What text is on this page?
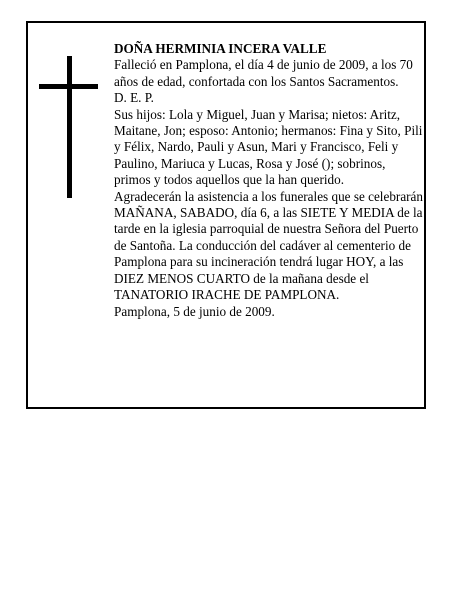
DOÑA HERMINIA INCERA VALLE

Falleció en Pamplona, el día 4 de junio de 2009, a los 70 años de edad, confortada con los Santos Sacramentos.

D. E. P.

Sus hijos: Lola y Miguel, Juan y Marisa; nietos: Aritz, Maitane, Jon; esposo: Antonio; hermanos: Fina y Sito, Pili y Félix, Nardo, Pauli y Asun, Mari y Francisco, Feli y Paulino, Mariuca y Lucas, Rosa y José (); sobrinos, primos y todos aquellos que la han querido.

Agradecerán la asistencia a los funerales que se celebrarán MAÑANA, SABADO, día 6, a las SIETE Y MEDIA de la tarde en la iglesia parroquial de nuestra Señora del Puerto de Santoña. La conducción del cadáver al cementerio de Pamplona para su incineración tendrá lugar HOY, a las DIEZ MENOS CUARTO de la mañana desde el TANATORIO IRACHE DE PAMPLONA.

Pamplona, 5 de junio de 2009.
